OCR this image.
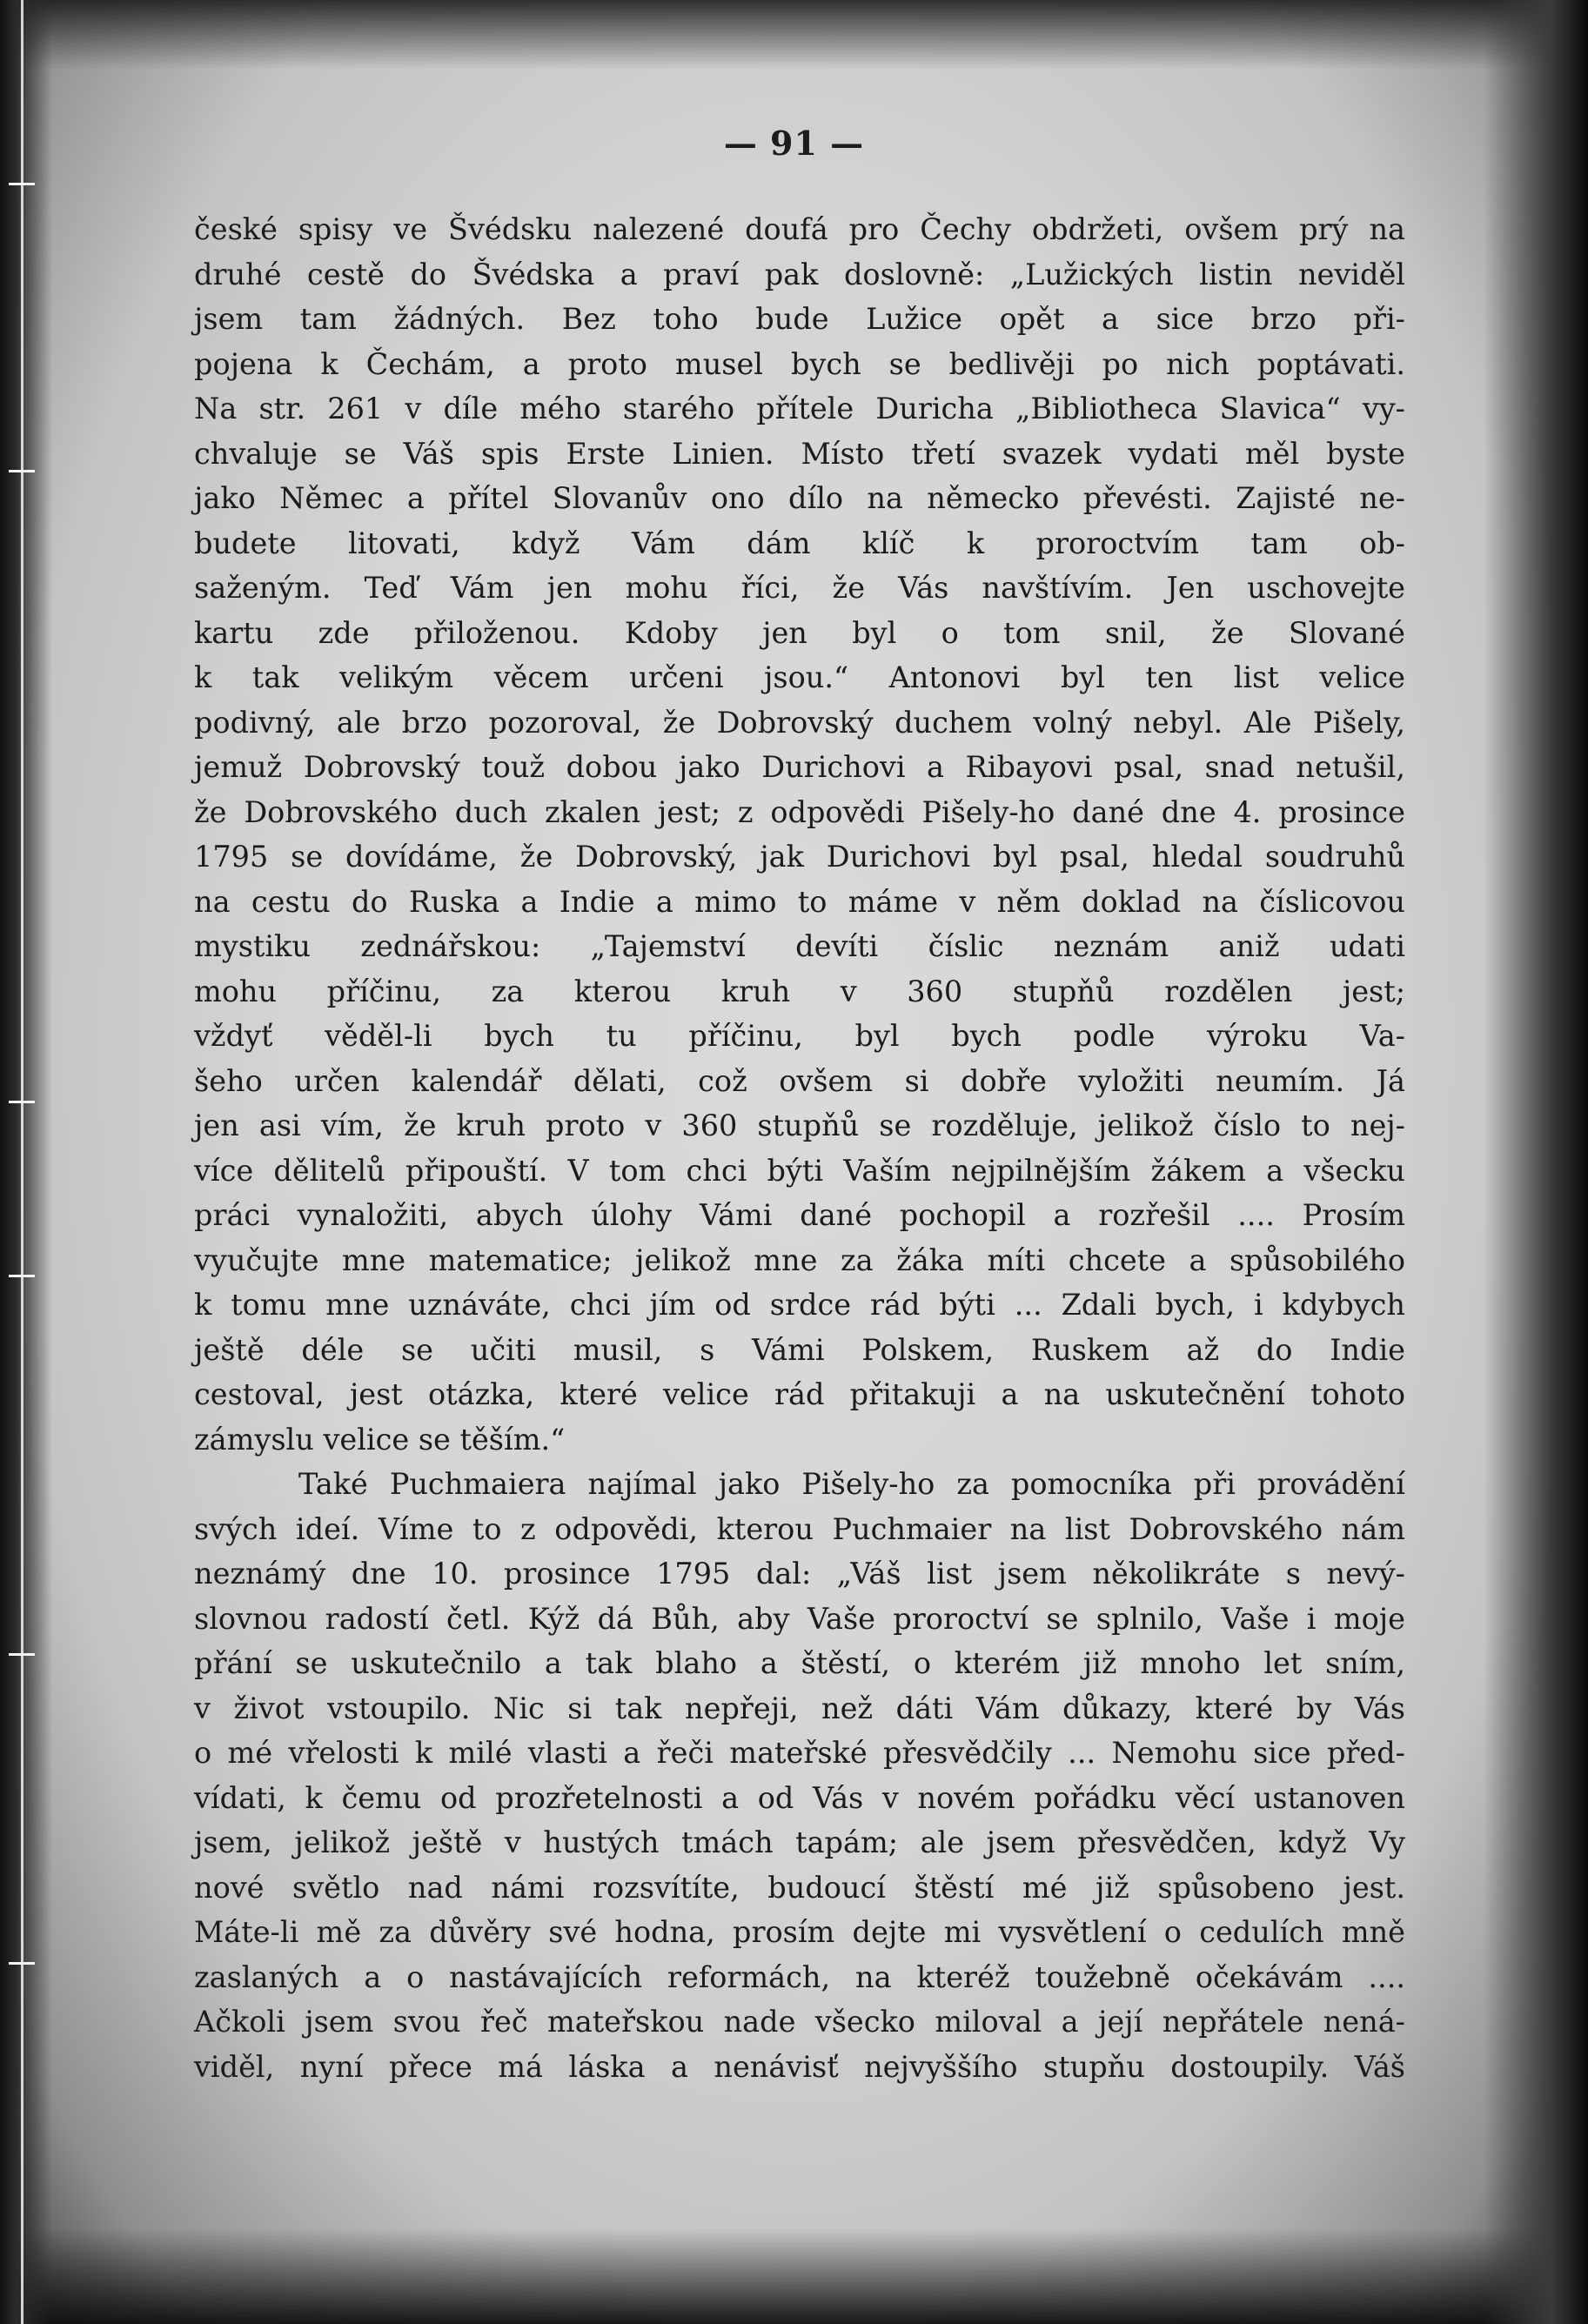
— 91 —
české spisy ve Švédsku nalezené doufá pro Čechy obdržeti, ovšem prý na
druhé cestě do Švédska a praví pak doslovně: „Lužických listin neviděl
jsem tam žádných. Bez toho bude Lužice opět a sice brzo při-
pojena k Čechám, a proto musel bych se bedlivěji po nich poptávati.
Na str. 261 v díle mého starého přítele Duricha „Bibliotheca Slavica“ vy-
chvaluje se Váš spis Erste Linien. Místo třetí svazek vydati měl byste
jako Němec a přítel Slovanův ono dílo na německo převésti. Zajisté ne-
budete litovati, když Vám dám klíč k proroctvím tam ob-
saženým. Teď Vám jen mohu říci, že Vás navštívím. Jen uschovejte
kartu zde přiloženou. Kdoby jen byl o tom snil, že Slované
k tak velikým věcem určeni jsou.“ Antonovi byl ten list velice
podivný, ale brzo pozoroval, že Dobrovský duchem volný nebyl. Ale Pišely,
jemuž Dobrovský touž dobou jako Durichovi a Ribayovi psal, snad netušil,
že Dobrovského duch zkalen jest; z odpovědi Pišely-ho dané dne 4. prosince
1795 se dovídáme, že Dobrovský, jak Durichovi byl psal, hledal soudruhů
na cestu do Ruska a Indie a mimo to máme v něm doklad na číslicovou
mystiku zednářskou: „Tajemství devíti číslic neznám aniž udati
mohu příčinu, za kterou kruh v 360 stupňů rozdělen jest;
vždyť věděl-li bych tu příčinu, byl bych podle výroku Va-
šeho určen kalendář dělati, což ovšem si dobře vyložiti neumím. Já
jen asi vím, že kruh proto v 360 stupňů se rozděluje, jelikož číslo to nej-
více dělitelů připouští. V tom chci býti Vaším nejpilnějším žákem a všecku
práci vynaložiti, abych úlohy Vámi dané pochopil a rozřešil .... Prosím
vyučujte mne matematice; jelikož mne za žáka míti chcete a spůsobilého
k tomu mne uznáváte, chci jím od srdce rád býti ... Zdali bych, i kdybych
ještě déle se učiti musil, s Vámi Polskem, Ruskem až do Indie
cestoval, jest otázka, které velice rád přitakuji a na uskutečnění tohoto
zámyslu velice se těším.“
Také Puchmaiera najímal jako Pišely-ho za pomocníka při provádění
svých ideí. Víme to z odpovědi, kterou Puchmaier na list Dobrovského nám
neznámý dne 10. prosince 1795 dal: „Váš list jsem několikráte s nevý-
slovnou radostí četl. Kýž dá Bůh, aby Vaše proroctví se splnilo, Vaše i moje
přání se uskutečnilo a tak blaho a štěstí, o kterém již mnoho let sním,
v život vstoupilo. Nic si tak nepřeji, než dáti Vám důkazy, které by Vás
o mé vřelosti k milé vlasti a řeči mateřské přesvědčily ... Nemohu sice před-
vídati, k čemu od prozřetelnosti a od Vás v novém pořádku věcí ustanoven
jsem, jelikož ještě v hustých tmách tapám; ale jsem přesvědčen, když Vy
nové světlo nad námi rozsvítíte, budoucí štěstí mé již spůsobeno jest.
Máte-li mě za důvěry své hodna, prosím dejte mi vysvětlení o cedulích mně
zaslaných a o nastávajících reformách, na kteréž toužebně očekávám ....
Ačkoli jsem svou řeč mateřskou nade všecko miloval a její nepřátele nená-
viděl, nyní přece má láska a nenávisť nejvyššího stupňu dostoupily. Váš
